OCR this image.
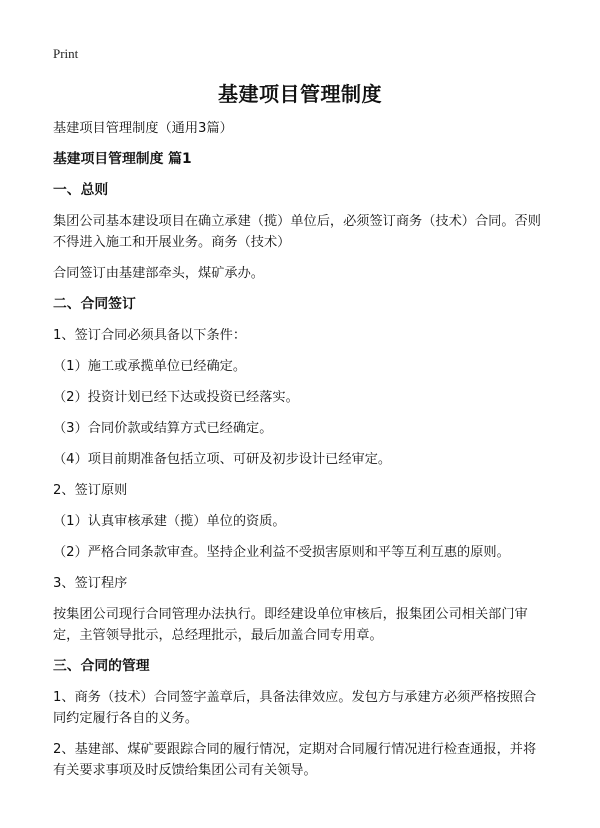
Print
基建项目管理制度
基建项目管理制度（通用3篇）
基建项目管理制度 篇1
一、总则
集团公司基本建设项目在确立承建（揽）单位后，必须签订商务（技术）合同。否则不得进入施工和开展业务。商务（技术）
合同签订由基建部牵头，煤矿承办。
二、合同签订
1、签订合同必须具备以下条件：
（1）施工或承揽单位已经确定。
（2）投资计划已经下达或投资已经落实。
（3）合同价款或结算方式已经确定。
（4）项目前期准备包括立项、可研及初步设计已经审定。
2、签订原则
（1）认真审核承建（揽）单位的资质。
（2）严格合同条款审查。坚持企业利益不受损害原则和平等互利互惠的原则。
3、签订程序
按集团公司现行合同管理办法执行。即经建设单位审核后，报集团公司相关部门审定，主管领导批示，总经理批示，最后加盖合同专用章。
三、合同的管理
1、商务（技术）合同签字盖章后，具备法律效应。发包方与承建方必须严格按照合同约定履行各自的义务。
2、基建部、煤矿要跟踪合同的履行情况，定期对合同履行情况进行检查通报，并将有关要求事项及时反馈给集团公司有关领导。
